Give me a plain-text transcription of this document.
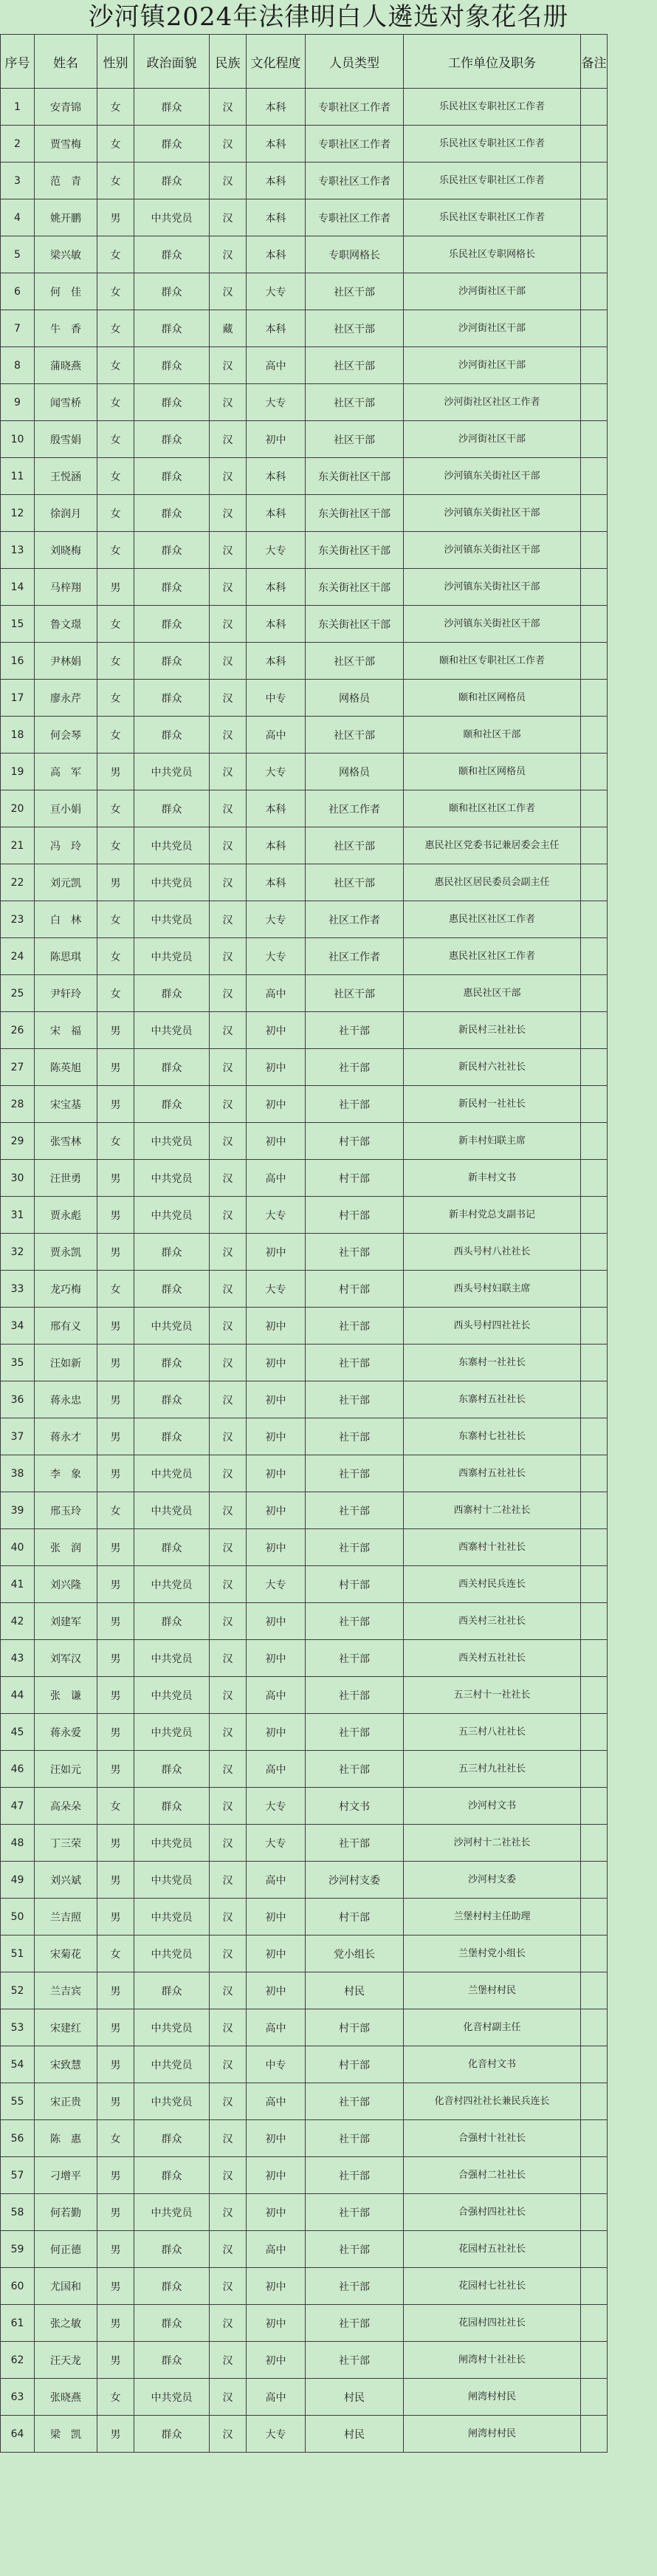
沙河镇2024年法律明白人遴选对象花名册
序号	姓名	性别	政治面貌	民族	文化程度	人员类型	工作单位及职务	备注
1	安青锦	女	群众	汉	本科	专职社区工作者	乐民社区专职社区工作者	
2	贾雪梅	女	群众	汉	本科	专职社区工作者	乐民社区专职社区工作者	
3	范　青	女	群众	汉	本科	专职社区工作者	乐民社区专职社区工作者	
4	姚开鹏	男	中共党员	汉	本科	专职社区工作者	乐民社区专职社区工作者	
5	梁兴敏	女	群众	汉	本科	专职网格长	乐民社区专职网格长	
6	何　佳	女	群众	汉	大专	社区干部	沙河街社区干部	
7	牛　香	女	群众	藏	本科	社区干部	沙河街社区干部	
8	蒲晓燕	女	群众	汉	高中	社区干部	沙河街社区干部	
9	闻雪桥	女	群众	汉	大专	社区干部	沙河街社区社区工作者	
10	殷雪娟	女	群众	汉	初中	社区干部	沙河街社区干部	
11	王悦涵	女	群众	汉	本科	东关街社区干部	沙河镇东关街社区干部	
12	徐润月	女	群众	汉	本科	东关街社区干部	沙河镇东关街社区干部	
13	刘晓梅	女	群众	汉	大专	东关街社区干部	沙河镇东关街社区干部	
14	马梓翔	男	群众	汉	本科	东关街社区干部	沙河镇东关街社区干部	
15	鲁文璟	女	群众	汉	本科	东关街社区干部	沙河镇东关街社区干部	
16	尹林娟	女	群众	汉	本科	社区干部	颐和社区专职社区工作者	
17	廖永芹	女	群众	汉	中专	网格员	颐和社区网格员	
18	何会琴	女	群众	汉	高中	社区干部	颐和社区干部	
19	高　军	男	中共党员	汉	大专	网格员	颐和社区网格员	
20	亘小娟	女	群众	汉	本科	社区工作者	颐和社区社区工作者	
21	冯　玲	女	中共党员	汉	本科	社区干部	惠民社区党委书记兼居委会主任	
22	刘元凯	男	中共党员	汉	本科	社区干部	惠民社区居民委员会副主任	
23	白　林	女	中共党员	汉	大专	社区工作者	惠民社区社区工作者	
24	陈思琪	女	中共党员	汉	大专	社区工作者	惠民社区社区工作者	
25	尹轩玲	女	群众	汉	高中	社区干部	惠民社区干部	
26	宋　福	男	中共党员	汉	初中	社干部	新民村三社社长	
27	陈英旭	男	群众	汉	初中	社干部	新民村六社社长	
28	宋宝基	男	群众	汉	初中	社干部	新民村一社社长	
29	张雪林	女	中共党员	汉	初中	村干部	新丰村妇联主席	
30	汪世勇	男	中共党员	汉	高中	村干部	新丰村文书	
31	贾永彪	男	中共党员	汉	大专	村干部	新丰村党总支副书记	
32	贾永凯	男	群众	汉	初中	社干部	西头号村八社社长	
33	龙巧梅	女	群众	汉	大专	村干部	西头号村妇联主席	
34	邢有义	男	中共党员	汉	初中	社干部	西头号村四社社长	
35	汪如新	男	群众	汉	初中	社干部	东寨村一社社长	
36	蒋永忠	男	群众	汉	初中	社干部	东寨村五社社长	
37	蒋永才	男	群众	汉	初中	社干部	东寨村七社社长	
38	李　象	男	中共党员	汉	初中	社干部	西寨村五社社长	
39	邢玉玲	女	中共党员	汉	初中	社干部	西寨村十二社社长	
40	张　润	男	群众	汉	初中	社干部	西寨村十社社长	
41	刘兴隆	男	中共党员	汉	大专	村干部	西关村民兵连长	
42	刘建军	男	群众	汉	初中	社干部	西关村三社社长	
43	刘军汉	男	中共党员	汉	初中	社干部	西关村五社社长	
44	张　谦	男	中共党员	汉	高中	社干部	五三村十一社社长	
45	蒋永爱	男	中共党员	汉	初中	社干部	五三村八社社长	
46	汪如元	男	群众	汉	高中	社干部	五三村九社社长	
47	高朵朵	女	群众	汉	大专	村文书	沙河村文书	
48	丁三荣	男	中共党员	汉	大专	社干部	沙河村十二社社长	
49	刘兴斌	男	中共党员	汉	高中	沙河村支委	沙河村支委	
50	兰吉照	男	中共党员	汉	初中	村干部	兰堡村村主任助理	
51	宋菊花	女	中共党员	汉	初中	党小组长	兰堡村党小组长	
52	兰吉宾	男	群众	汉	初中	村民	兰堡村村民	
53	宋建红	男	中共党员	汉	高中	村干部	化音村副主任	
54	宋致慧	男	中共党员	汉	中专	村干部	化音村文书	
55	宋正贵	男	中共党员	汉	高中	社干部	化音村四社社长兼民兵连长	
56	陈　惠	女	群众	汉	初中	社干部	合强村十社社长	
57	刁增平	男	群众	汉	初中	社干部	合强村二社社长	
58	何若勤	男	中共党员	汉	初中	社干部	合强村四社社长	
59	何正德	男	群众	汉	高中	社干部	花园村五社社长	
60	尤国和	男	群众	汉	初中	社干部	花园村七社社长	
61	张之敏	男	群众	汉	初中	社干部	花园村四社社长	
62	汪天龙	男	群众	汉	初中	社干部	闸湾村十社社长	
63	张晓燕	女	中共党员	汉	高中	村民	闸湾村村民	
64	梁　凯	男	群众	汉	大专	村民	闸湾村村民	
